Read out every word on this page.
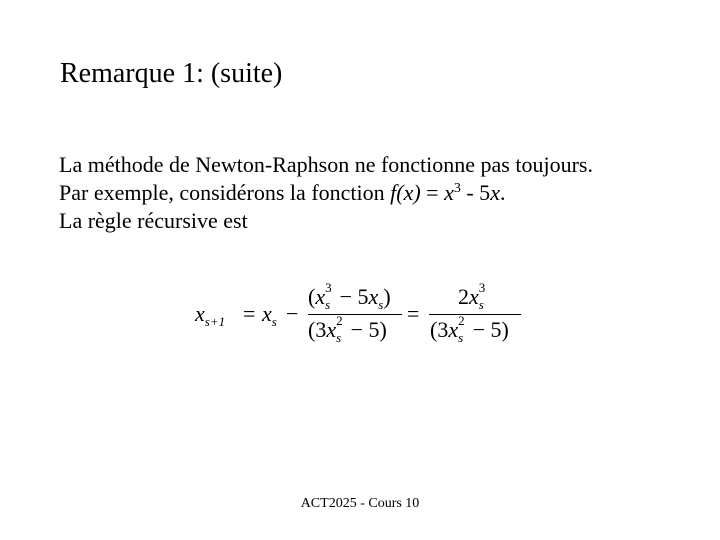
Remarque 1: (suite)
La méthode de Newton-Raphson ne fonctionne pas toujours.
Par exemple, considérons la fonction $f(x) = x^3 - 5x$.
La règle récursive est
$x_{s+1} = x_s$ −
(x 3
$s - 5x_s$)
(3x 2
s − 5)
=
2x 3
s
(3x 2
s − 5)
ACT2025 - Cours 10
